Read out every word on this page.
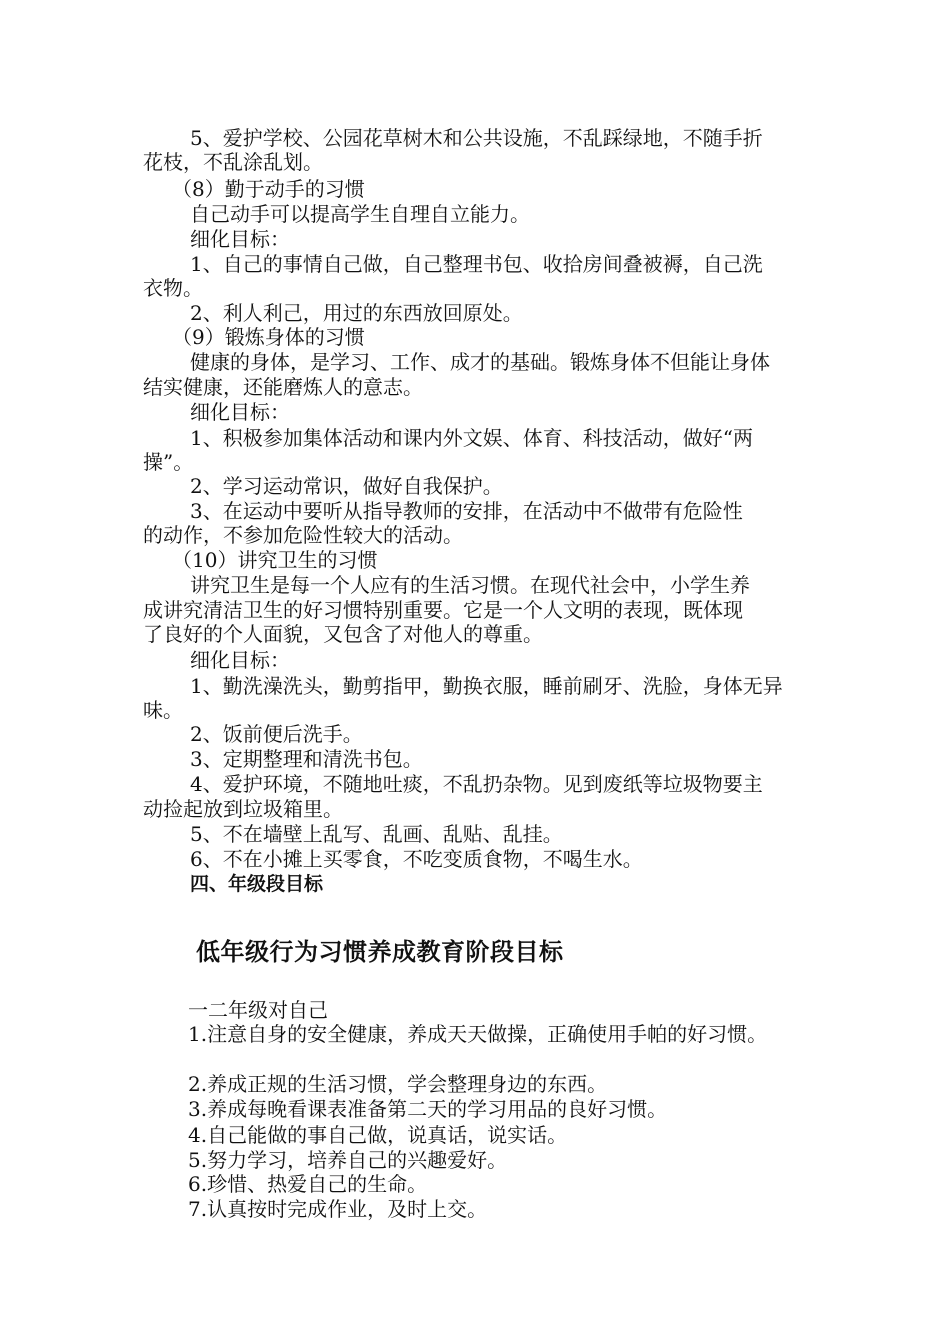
5、爱护学校、公园花草树木和公共设施，不乱踩绿地，不随手折
花枝，不乱涂乱划。
（8）勤于动手的习惯
自己动手可以提高学生自理自立能力。
细化目标：
1、自己的事情自己做，自己整理书包、收拾房间叠被褥，自己洗
衣物。
2、利人利己，用过的东西放回原处。
（9）锻炼身体的习惯
健康的身体，是学习、工作、成才的基础。锻炼身体不但能让身体
结实健康，还能磨炼人的意志。
细化目标：
1、积极参加集体活动和课内外文娱、体育、科技活动，做好“两
操”。
2、学习运动常识，做好自我保护。
3、在运动中要听从指导教师的安排，在活动中不做带有危险性
的动作，不参加危险性较大的活动。
（10）讲究卫生的习惯
讲究卫生是每一个人应有的生活习惯。在现代社会中，小学生养
成讲究清洁卫生的好习惯特别重要。它是一个人文明的表现，既体现
了良好的个人面貌，又包含了对他人的尊重。
细化目标：
1、勤洗澡洗头，勤剪指甲，勤换衣服，睡前刷牙、洗脸，身体无异
味。
2、饭前便后洗手。
3、定期整理和清洗书包。
4、爱护环境，不随地吐痰，不乱扔杂物。见到废纸等垃圾物要主
动捡起放到垃圾箱里。
5、不在墙壁上乱写、乱画、乱贴、乱挂。
6、不在小摊上买零食，不吃变质食物，不喝生水。
四、年级段目标
低年级行为习惯养成教育阶段目标
一二年级对自己
1.注意自身的安全健康，养成天天做操，正确使用手帕的好习惯。
2.养成正规的生活习惯，学会整理身边的东西。
3.养成每晚看课表准备第二天的学习用品的良好习惯。
4.自己能做的事自己做，说真话，说实话。
5.努力学习，培养自己的兴趣爱好。
6.珍惜、热爱自己的生命。
7.认真按时完成作业，及时上交。
